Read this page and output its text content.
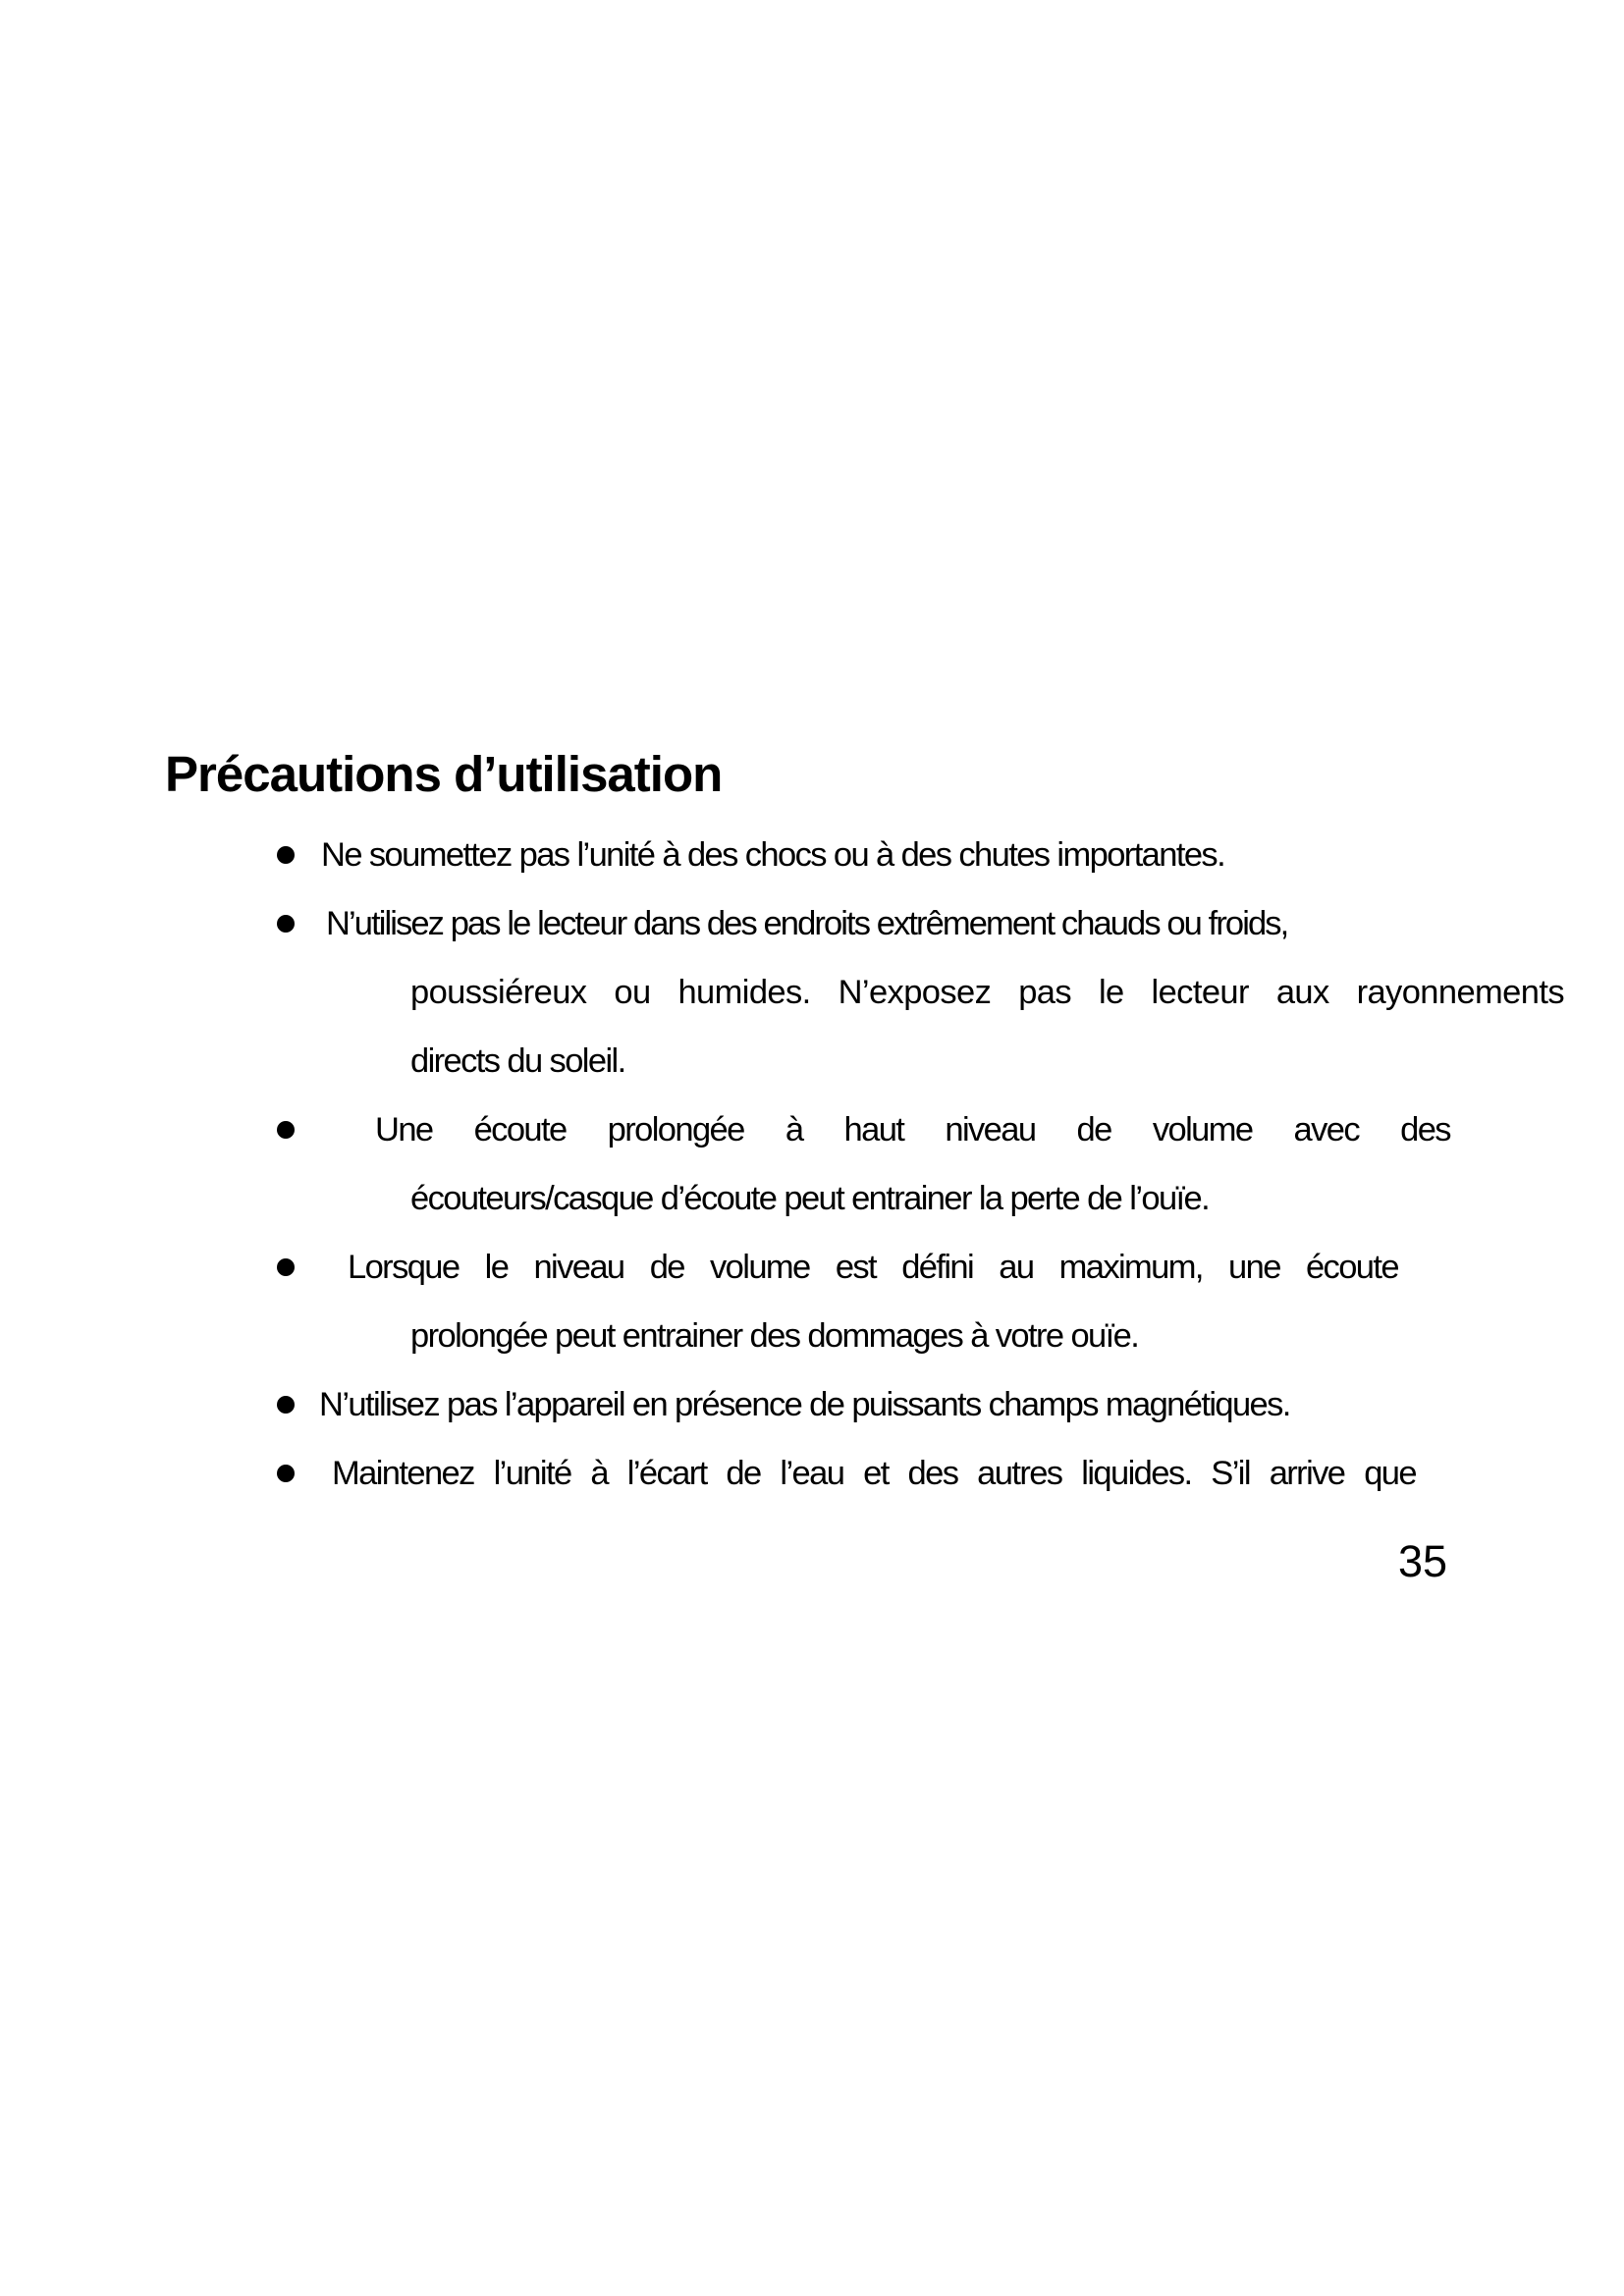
Précautions d’utilisation
Ne soumettez pas l’unité à des chocs ou à des chutes importantes.
N’utilisez pas le lecteur dans des endroits extrêmement chauds ou froids,
poussiéreux ou humides. N’exposez pas le lecteur aux rayonnements
directs du soleil.
Une écoute prolongée à haut niveau de volume avec des
écouteurs/casque d’écoute peut entrainer la perte de l’ouïe.
Lorsque le niveau de volume est défini au maximum, une écoute
prolongée peut entrainer des dommages à votre ouïe.
N’utilisez pas l’appareil en présence de puissants champs magnétiques.
Maintenez l’unité à l’écart de l’eau et des autres liquides. S’il arrive que
35
